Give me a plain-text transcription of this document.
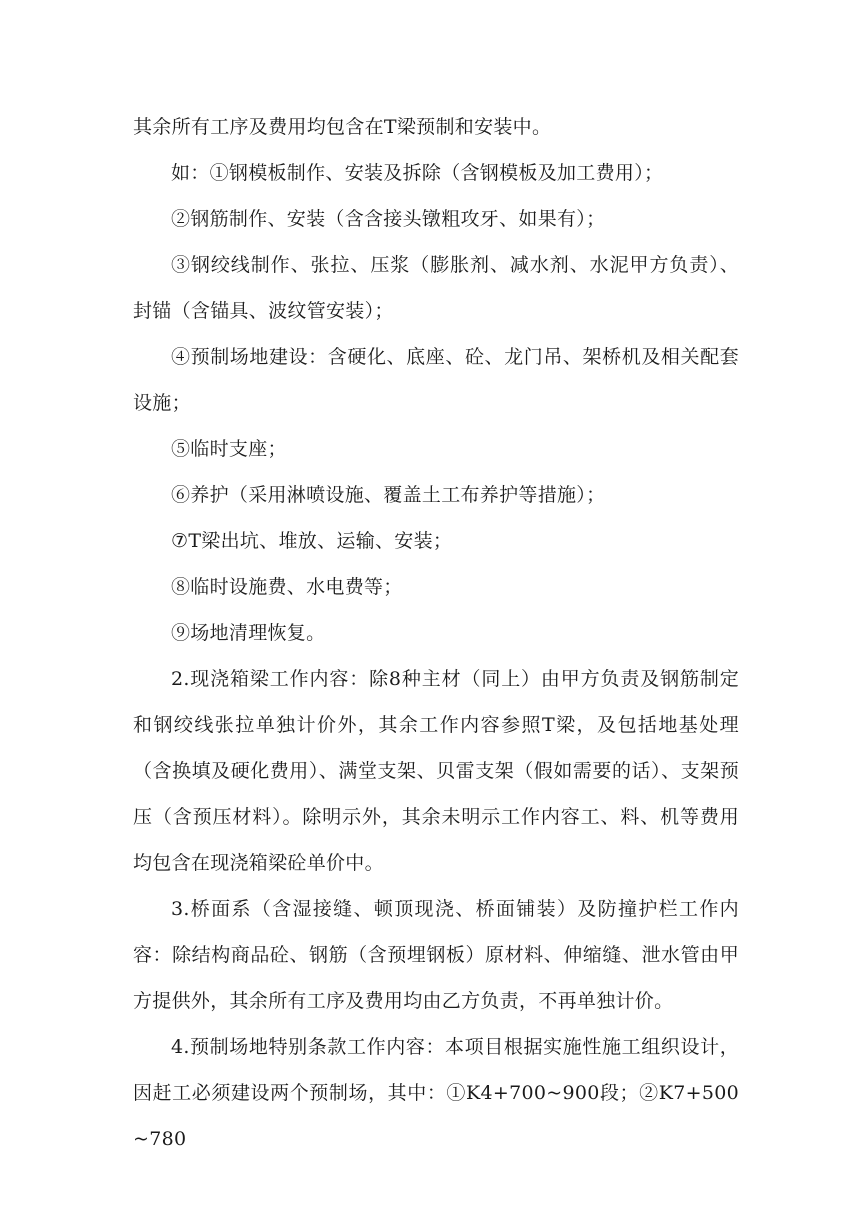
其余所有工序及费用均包含在T梁预制和安装中。

如：①钢模板制作、安装及拆除（含钢模板及加工费用）；

②钢筋制作、安装（含含接头镦粗攻牙、如果有）；

③钢绞线制作、张拉、压浆（膨胀剂、减水剂、水泥甲方负责）、封锚（含锚具、波纹管安装）；

④预制场地建设：含硬化、底座、砼、龙门吊、架桥机及相关配套设施；

⑤临时支座；

⑥养护（采用淋喷设施、覆盖土工布养护等措施）；

⑦T梁出坑、堆放、运输、安装；

⑧临时设施费、水电费等；

⑨场地清理恢复。

2.现浇箱梁工作内容：除8种主材（同上）由甲方负责及钢筋制定和钢绞线张拉单独计价外，其余工作内容参照T梁，及包括地基处理（含换填及硬化费用）、满堂支架、贝雷支架（假如需要的话）、支架预压（含预压材料）。除明示外，其余未明示工作内容工、料、机等费用均包含在现浇箱梁砼单价中。

3.桥面系（含湿接缝、顿顶现浇、桥面铺装）及防撞护栏工作内容：除结构商品砼、钢筋（含预埋钢板）原材料、伸缩缝、泄水管由甲方提供外，其余所有工序及费用均由乙方负责，不再单独计价。

4.预制场地特别条款工作内容：本项目根据实施性施工组织设计，因赶工必须建设两个预制场，其中：①K4+700~900段；②K7+500~780
